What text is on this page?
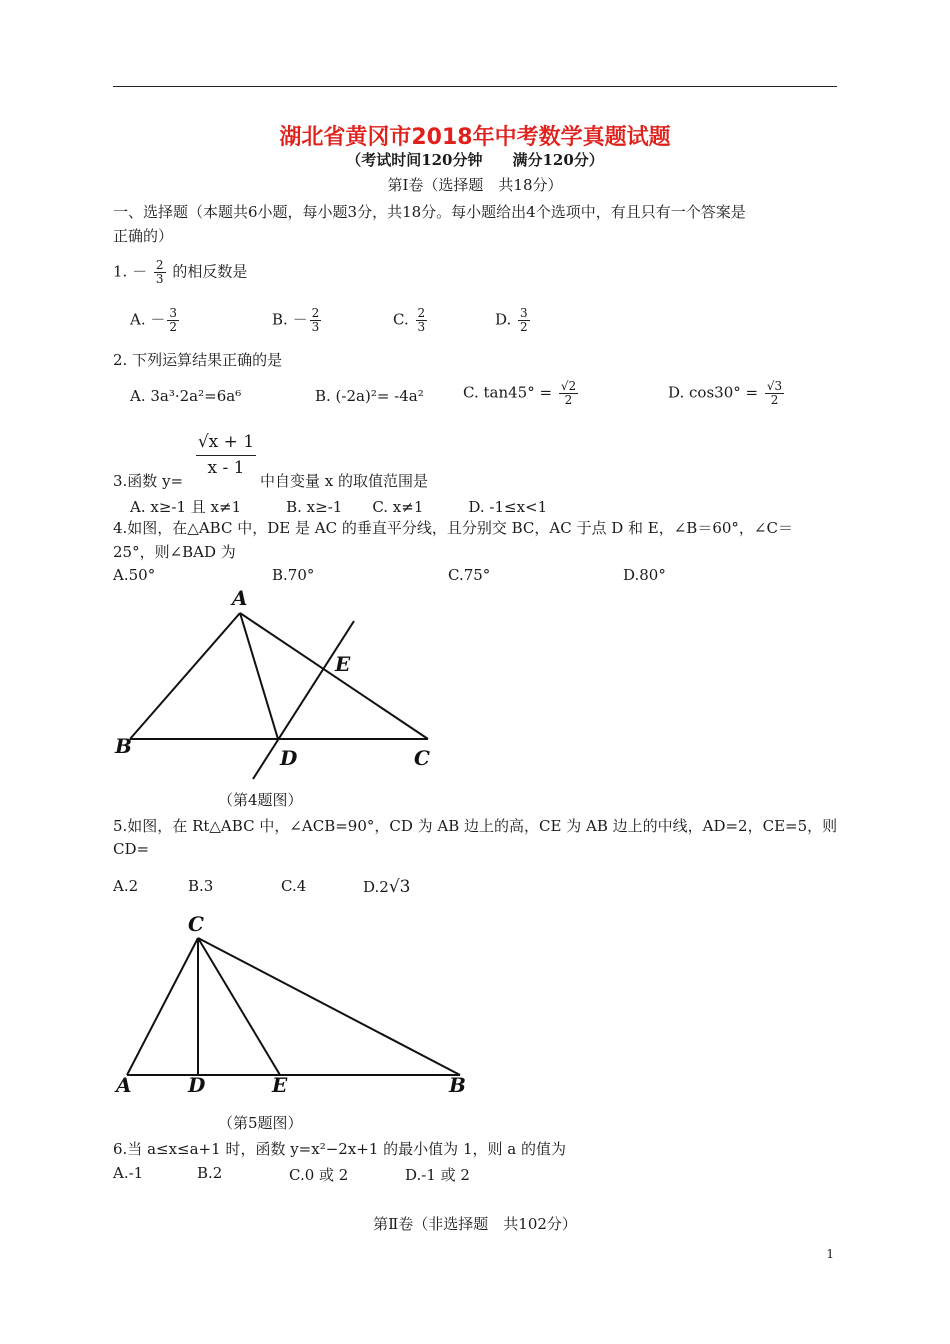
湖北省黄冈市2018年中考数学真题试题
（考试时间120分钟　　满分120分）
第Ⅰ卷（选择题　共18分）
一、选择题（本题共6小题，每小题3分，共18分。每小题给出4个选项中，有且只有一个答案是
正确的）
1. － $\frac{2}{3}$ 的相反数是
A. － $\frac{3}{2}$	B. － $\frac{2}{3}$	C. $\frac{2}{3}$	D. $\frac{3}{2}$
2. 下列运算结果正确的是
A. 3a³·2a²=6a⁶	B. (-2a)²= -4a²	C. $\tan 45^\circ = \frac{√2}{2}$	D. $\cos 30^\circ = \frac{√3}{2}$
3.函数 y=
$\frac{√x + 1}{x - 1}$
中自变量 x 的取值范围是
A. x≥-1 且 x≠1　　　B. x≥-1　　C. x≠1　　　D. -1≤x<1
4.如图，在△ABC 中，DE 是 AC 的垂直平分线，且分别交 BC，AC 于点 D 和 E，∠B＝60°，∠C＝
25°，则∠BAD 为
A.50°	B.70°	C.75°	D.80°
A
B	C
D
E
（第4题图）
5.如图，在 Rt△ABC 中，∠ACB=90°，CD 为 AB 边上的高，CE 为 AB 边上的中线，AD=2，CE=5，则
CD=
A.2	B.3	C.4	D.2√3
C
A	D	E	B
（第5题图）
6.当 a≤x≤a+1 时，函数 y=x²−2x+1 的最小值为 1，则 a 的值为
A.-1	B.2	C.0 或 2	D.-1 或 2
第Ⅱ卷（非选择题　共102分）
1
